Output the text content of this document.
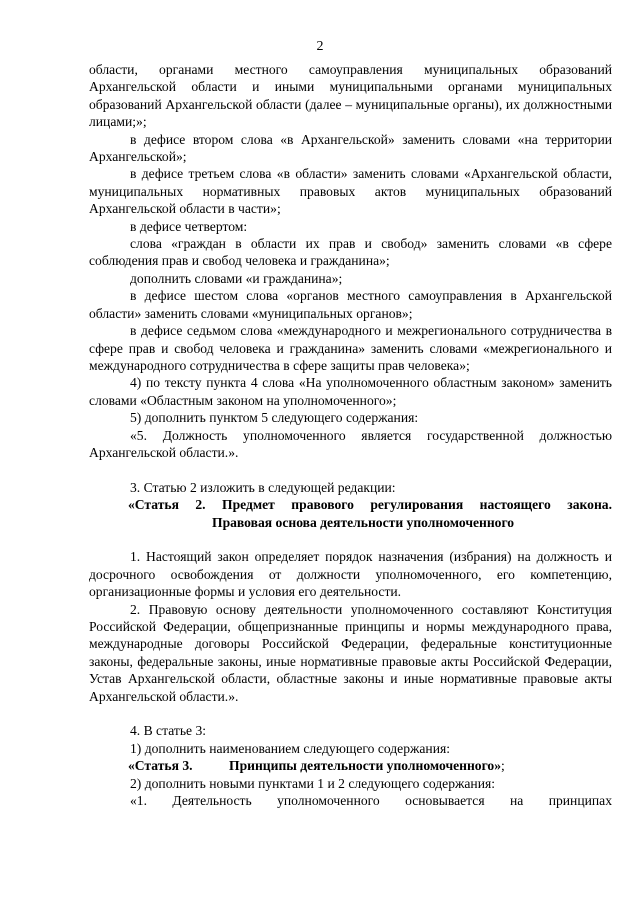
2

области, органами местного самоуправления муниципальных образований Архангельской области и иными муниципальными органами муниципальных образований Архангельской области (далее – муниципальные органы), их должностными лицами;»;

в дефисе втором слова «в Архангельской» заменить словами «на территории Архангельской»;

в дефисе третьем слова «в области» заменить словами «Архангельской области, муниципальных нормативных правовых актов муниципальных образований Архангельской области в части»;

в дефисе четвертом:

слова «граждан в области их прав и свобод» заменить словами «в сфере соблюдения прав и свобод человека и гражданина»;

дополнить словами «и гражданина»;

в дефисе шестом слова «органов местного самоуправления в Архангельской области» заменить словами «муниципальных органов»;

в дефисе седьмом слова «международного и межрегионального сотрудничества в сфере прав и свобод человека и гражданина» заменить словами «межрегионального и международного сотрудничества в сфере защиты прав человека»;

4) по тексту пункта 4 слова «На уполномоченного областным законом» заменить словами «Областным законом на уполномоченного»;

5) дополнить пунктом 5 следующего содержания:

«5. Должность уполномоченного является государственной должностью Архангельской области.».

3. Статью 2 изложить в следующей редакции:

«Статья 2. Предмет правового регулирования настоящего закона.

Правовая основа деятельности уполномоченного

1. Настоящий закон определяет порядок назначения (избрания) на должность и досрочного освобождения от должности уполномоченного, его компетенцию, организационные формы и условия его деятельности.

2. Правовую основу деятельности уполномоченного составляют Конституция Российской Федерации, общепризнанные принципы и нормы международного права, международные договоры Российской Федерации, федеральные конституционные законы, федеральные законы, иные нормативные правовые акты Российской Федерации, Устав Архангельской области, областные законы и иные нормативные правовые акты Архангельской области.».

4. В статье 3:

1) дополнить наименованием следующего содержания:

«Статья 3.	Принципы деятельности уполномоченного»;

2) дополнить новыми пунктами 1 и 2 следующего содержания:

«1. Деятельность уполномоченного основывается на принципах
